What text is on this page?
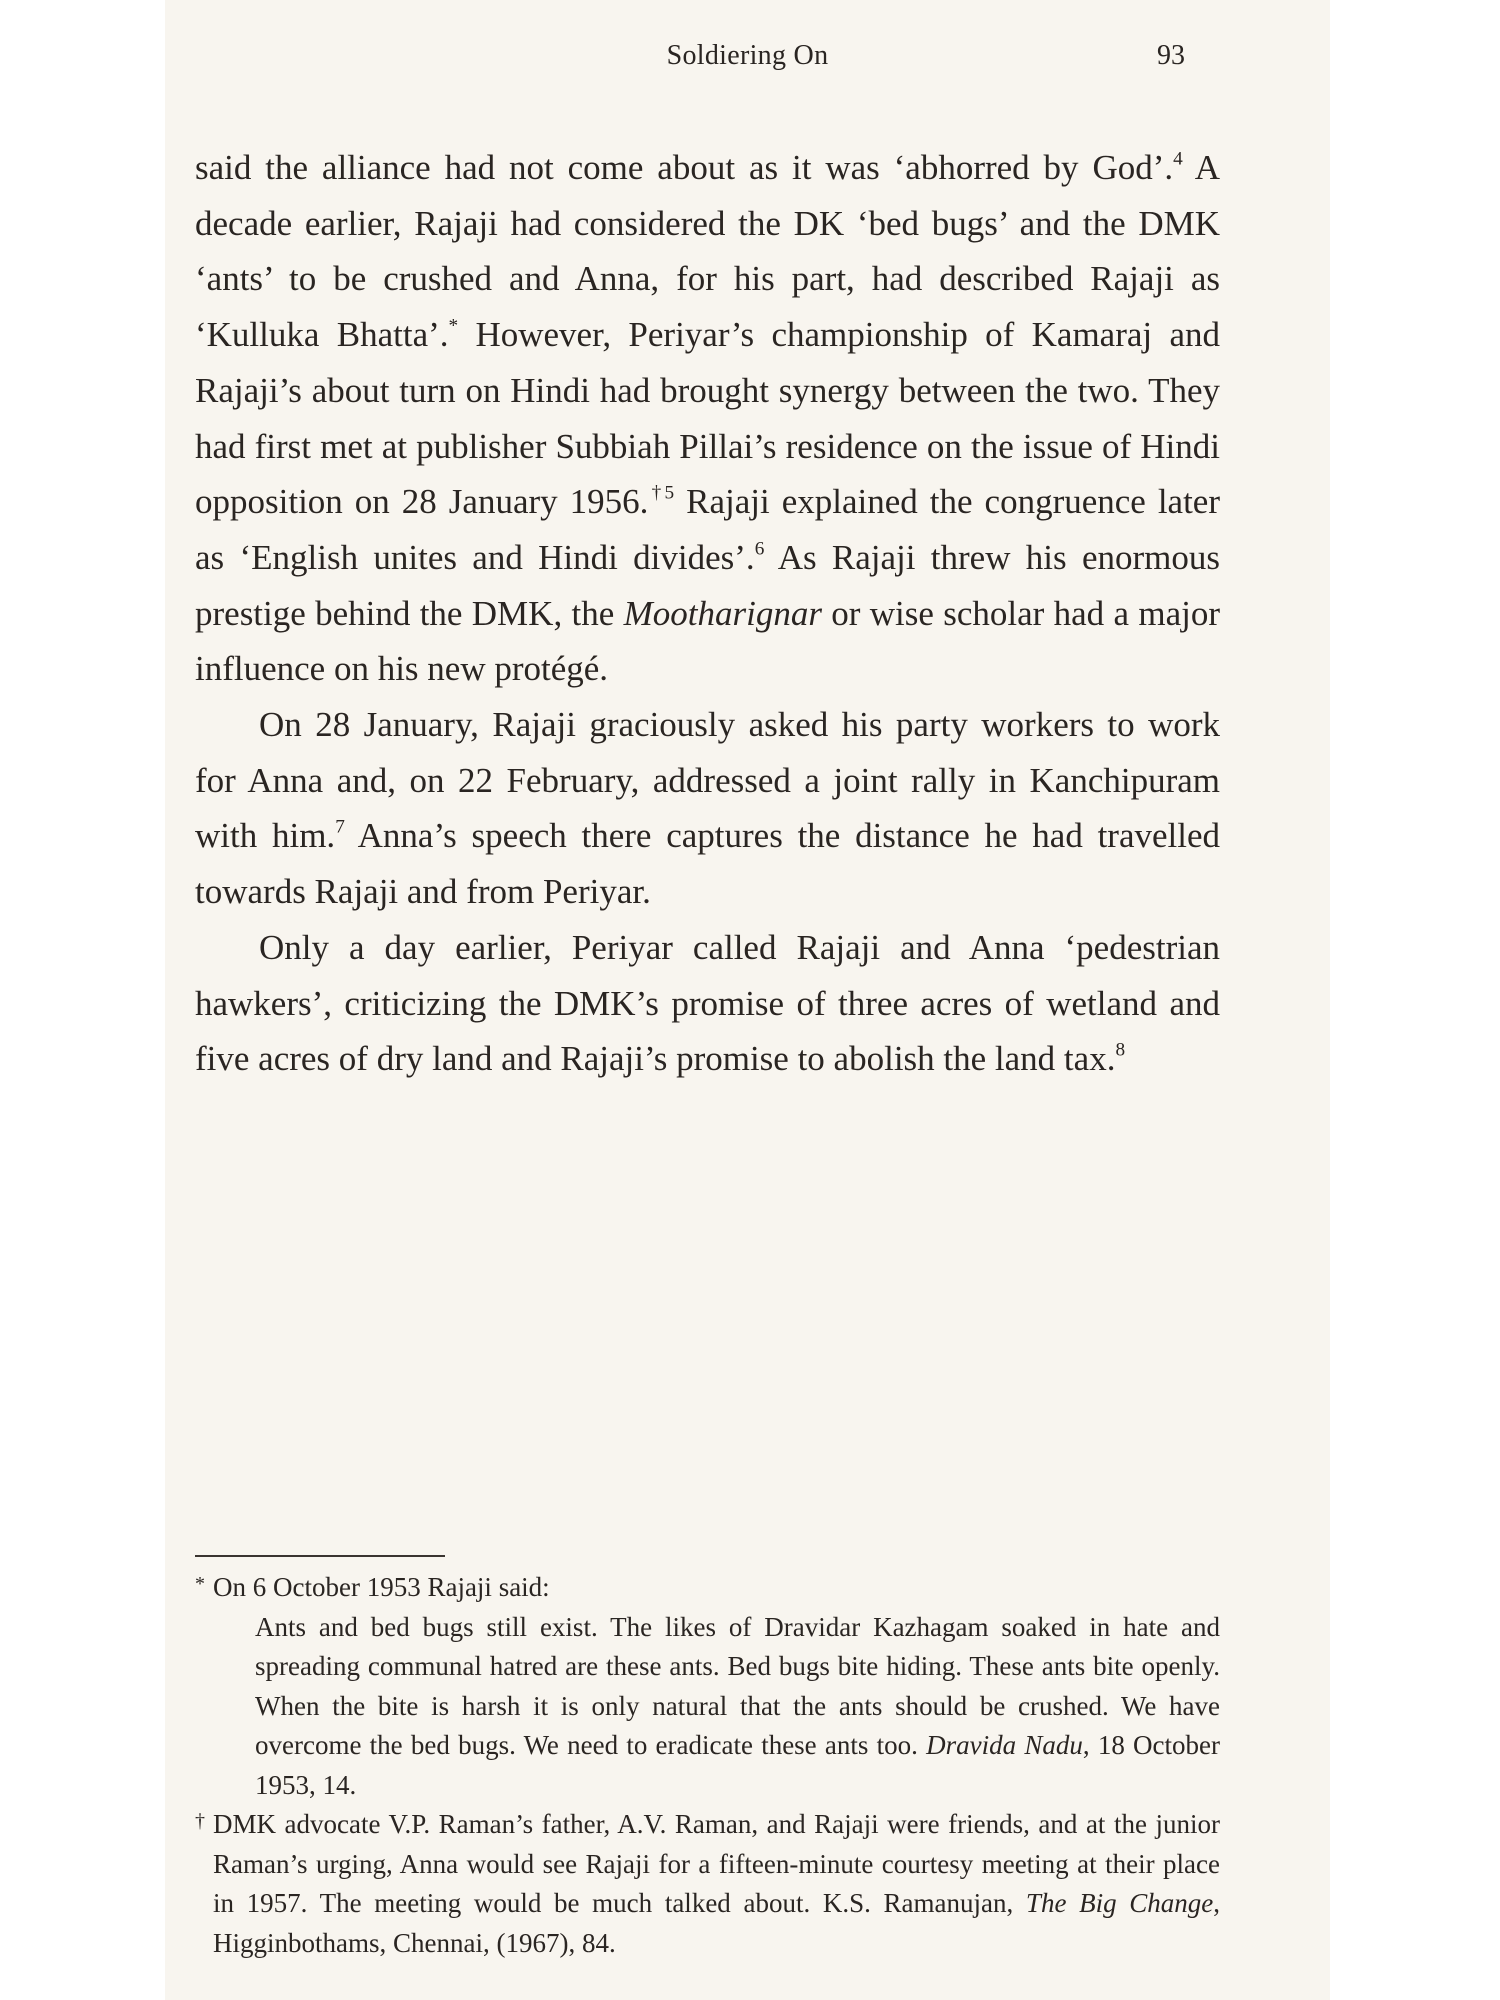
Soldiering On	93

said the alliance had not come about as it was ‘abhorred by God’.$^4$ A decade earlier, Rajaji had considered the DK ‘bed bugs’ and the DMK ‘ants’ to be crushed and Anna, for his part, had described Rajaji as ‘Kulluka Bhatta’.* However, Periyar’s championship of Kamaraj and Rajaji’s about turn on Hindi had brought synergy between the two. They had first met at publisher Subbiah Pillai’s residence on the issue of Hindi opposition on 28 January 1956.$^{\dagger 5}$ Rajaji explained the congruence later as ‘English unites and Hindi divides’.$^6$ As Rajaji threw his enormous prestige behind the DMK, the Mootharignar or wise scholar had a major influence on his new protégé.

On 28 January, Rajaji graciously asked his party workers to work for Anna and, on 22 February, addressed a joint rally in Kanchipuram with him.$^7$ Anna’s speech there captures the distance he had travelled towards Rajaji and from Periyar.

Only a day earlier, Periyar called Rajaji and Anna ‘pedestrian hawkers’, criticizing the DMK’s promise of three acres of wetland and five acres of dry land and Rajaji’s promise to abolish the land tax.$^8$

* On 6 October 1953 Rajaji said:

Ants and bed bugs still exist. The likes of Dravidar Kazhagam soaked in hate and spreading communal hatred are these ants. Bed bugs bite hiding. These ants bite openly. When the bite is harsh it is only natural that the ants should be crushed. We have overcome the bed bugs. We need to eradicate these ants too. Dravida Nadu, 18 October 1953, 14.

† DMK advocate V.P. Raman’s father, A.V. Raman, and Rajaji were friends, and at the junior Raman’s urging, Anna would see Rajaji for a fifteen-minute courtesy meeting at their place in 1957. The meeting would be much talked about. K.S. Ramanujan, The Big Change, Higginbothams, Chennai, (1967), 84.
